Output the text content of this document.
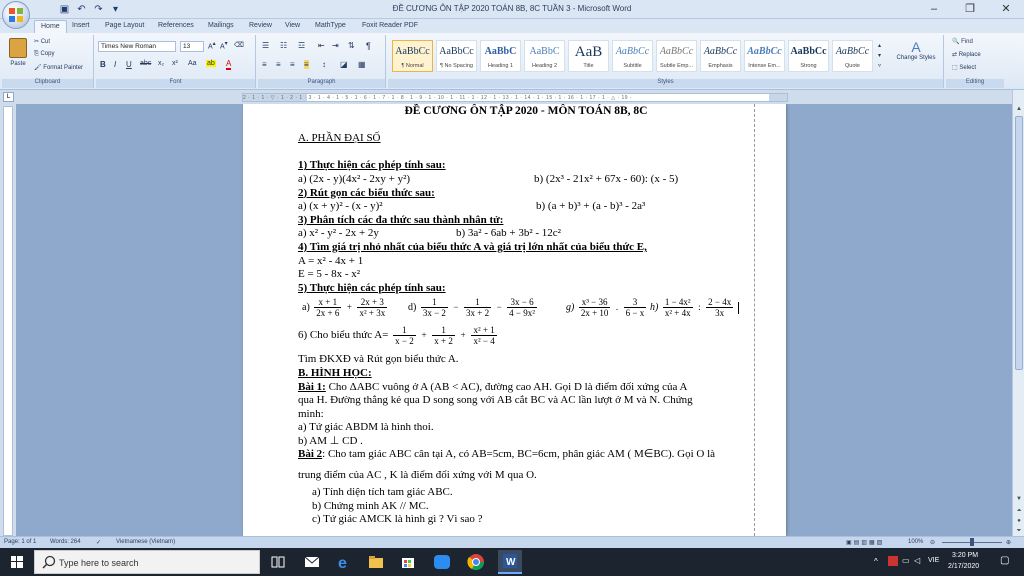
▣ ↶ ↷	▾	ĐỀ CƯƠNG ÔN TẬP 2020 TOÁN 8B, 8C TUẦN 3 - Microsoft Word	–	❐	✕
Home	Insert	Page Layout	References	Mailings	Review	View	MathType	Foxit Reader PDF
Paste
✂ Cut
⎘ Copy
🖌 Format Painter
Clipboard
Times New Roman	13	A▴ A▾ ⌫
B I U abc x₂ x² Aa ab A
Font
☰ ☷ ☲ ⇤ ⇥ ⇅ ¶
≡ ≡ ≡ ≡ ↕ ◪ ▦
Paragraph
AaBbCc
¶ Normal
AaBbCc
¶ No Spacing
AaBbC
Heading 1
AaBbC
Heading 2
AaB
Title
AaBbCc
Subtitle
AaBbCc
Subtle Emp...
AaBbCc
Emphasis
AaBbCc
Intense Em...
AaBbCc
Strong
AaBbCc
Quote
▴
▾
▿
A
Change Styles
Styles
🔍 Find
⇄ Replace
⬚ Select
Editing
L	2 · 1 · 1 · ▽ · 1 · 2 · 1 · 3 · 1 · 4 · 1 · 5 · 1 · 6 · 1 · 7 · 1 · 8 · 1 · 9 · 1 · 10 · 1 · 11 · 1 · 12 · 1 · 13 · 1 · 14 · 1 · 15 · 1 · 16 · 1 · 17 · 1 · △ · 19 ·
ĐỀ CƯƠNG ÔN TẬP 2020 - MÔN TOÁN 8B, 8C
A. PHẦN ĐẠI SỐ
1) Thực hiện các phép tính sau:
a) (2x - y)(4x² - 2xy + y²)	b) (2x³ - 21x² + 67x - 60): (x - 5)
2) Rút gọn các biểu thức sau:
a) (x + y)² - (x - y)²	b) (a + b)³ + (a - b)³ - 2a³
3) Phân tích các đa thức sau thành nhân tử:
a) x² - y² - 2x + 2y	b) 3a² - 6ab + 3b² - 12c²
4) Tìm giá trị nhỏ nhất của biểu thức A và giá trị lớn nhất của biểu thức E,
A = x² - 4x + 1
E = 5 - 8x - x²
5) Thực hiện các phép tính sau:
$a) \frac{x + 1}{2x + 6} + \frac{2x + 3}{\text{x² + 3x}} d) \frac{1}{3x - 2} - \frac{1}{3x + 2} - \frac{3x - 6}{\text{4 − 9x²}}$	$g) \frac{\text{x³ − 36}}{2x + 10}$ . $\frac{3}{6 - x} h) \frac{\text{1 − 4x²}}{\text{x² + 4x}}$ : $\frac{2 - 4x}{3x}$

6) Cho biểu thức $A= \frac{1}{x - 2} + \frac{1}{x + 2} + \frac{\text{x² + 1}}{\text{x² − 4}}$
Tìm ĐKXĐ và Rút gọn biểu thức A.
B. HÌNH HỌC:
Bài 1: Cho ΔABC vuông ở A (AB < AC), đường cao AH. Gọi D là điểm đối xứng của A
qua H. Đường thẳng kẻ qua D song song với AB cắt BC và AC lần lượt ở M và N. Chứng
minh:
a) Tứ giác ABDM là hình thoi.
b) AM ⊥ CD .
Bài 2: Cho tam giác ABC cân tại A, có AB=5cm, BC=6cm, phân giác AM ( M∈BC). Gọi O là
trung điểm của AC , K là điểm đối xứng với M qua O.
a) Tính diện tích tam giác ABC.
b) Chứng minh AK // MC.
c) Tứ giác AMCK là hình gì ? Vì sao ?
▲
▼
⏶
●
⏷
Page: 1 of 1 Words: 264	✓ Vietnamese (Vietnam)	▣▤▥▦▧	100% ⊖	⊕
Type here to search	e	W	^	▭ ◁ VIE
3:20 PM
2/17/2020
▢
